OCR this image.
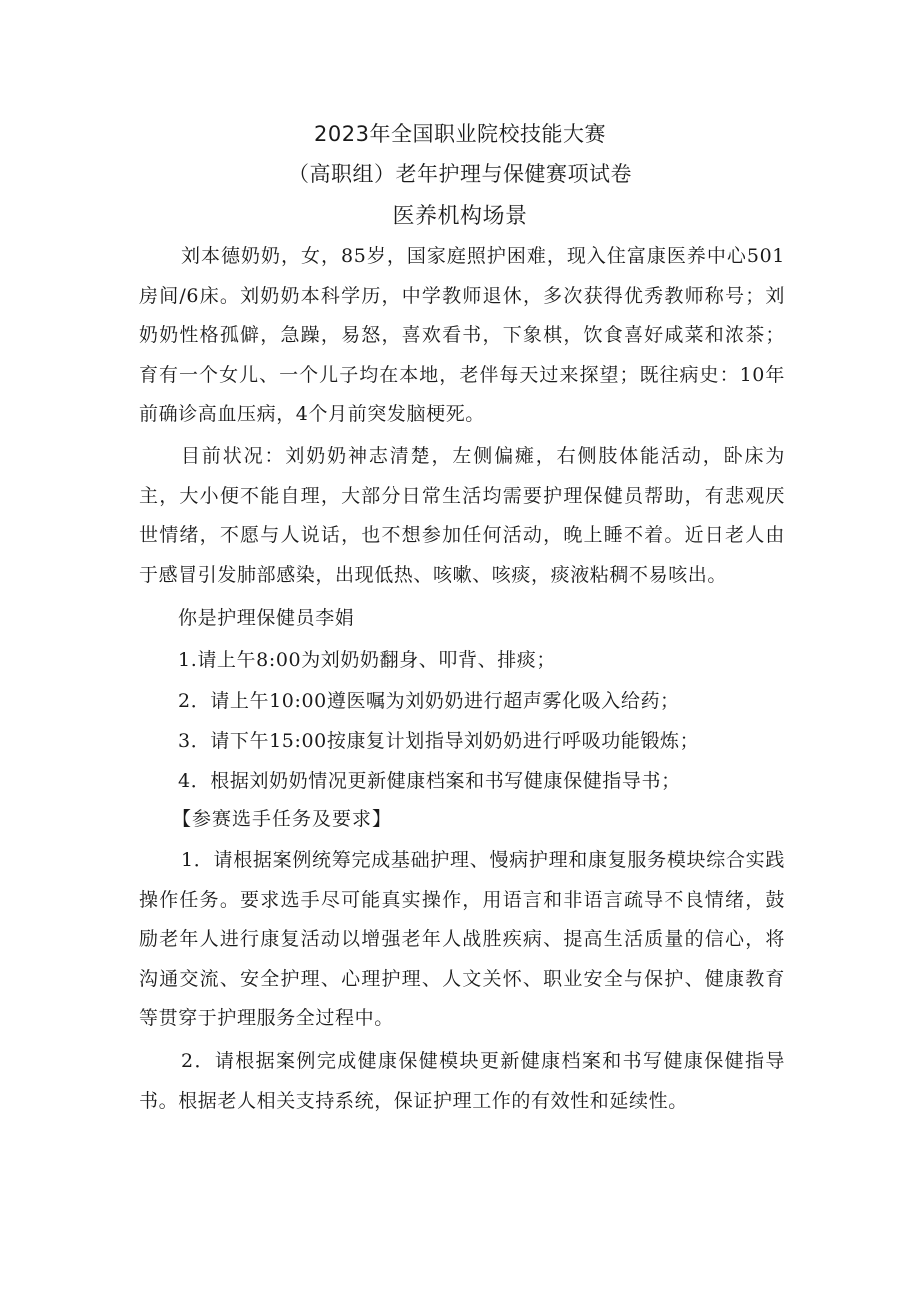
2023年全国职业院校技能大赛
（高职组）老年护理与保健赛项试卷
医养机构场景

刘本德奶奶，女，85岁，国家庭照护困难，现入住富康医养中心501房间/6床。刘奶奶本科学历，中学教师退休，多次获得优秀教师称号；刘奶奶性格孤僻，急躁，易怒，喜欢看书，下象棋，饮食喜好咸菜和浓茶；育有一个女儿、一个儿子均在本地，老伴每天过来探望；既往病史：10年前确诊高血压病，4个月前突发脑梗死。

目前状况：刘奶奶神志清楚，左侧偏瘫，右侧肢体能活动，卧床为主，大小便不能自理，大部分日常生活均需要护理保健员帮助，有悲观厌世情绪，不愿与人说话，也不想参加任何活动，晚上睡不着。近日老人由于感冒引发肺部感染，出现低热、咳嗽、咳痰，痰液粘稠不易咳出。

你是护理保健员李娟

1.请上午8:00为刘奶奶翻身、叩背、排痰；

2．请上午10:00遵医嘱为刘奶奶进行超声雾化吸入给药；

3．请下午15:00按康复计划指导刘奶奶进行呼吸功能锻炼；

4．根据刘奶奶情况更新健康档案和书写健康保健指导书；

【参赛选手任务及要求】

1．请根据案例统筹完成基础护理、慢病护理和康复服务模块综合实践操作任务。要求选手尽可能真实操作，用语言和非语言疏导不良情绪，鼓励老年人进行康复活动以增强老年人战胜疾病、提高生活质量的信心，将沟通交流、安全护理、心理护理、人文关怀、职业安全与保护、健康教育等贯穿于护理服务全过程中。

2．请根据案例完成健康保健模块更新健康档案和书写健康保健指导书。根据老人相关支持系统，保证护理工作的有效性和延续性。
